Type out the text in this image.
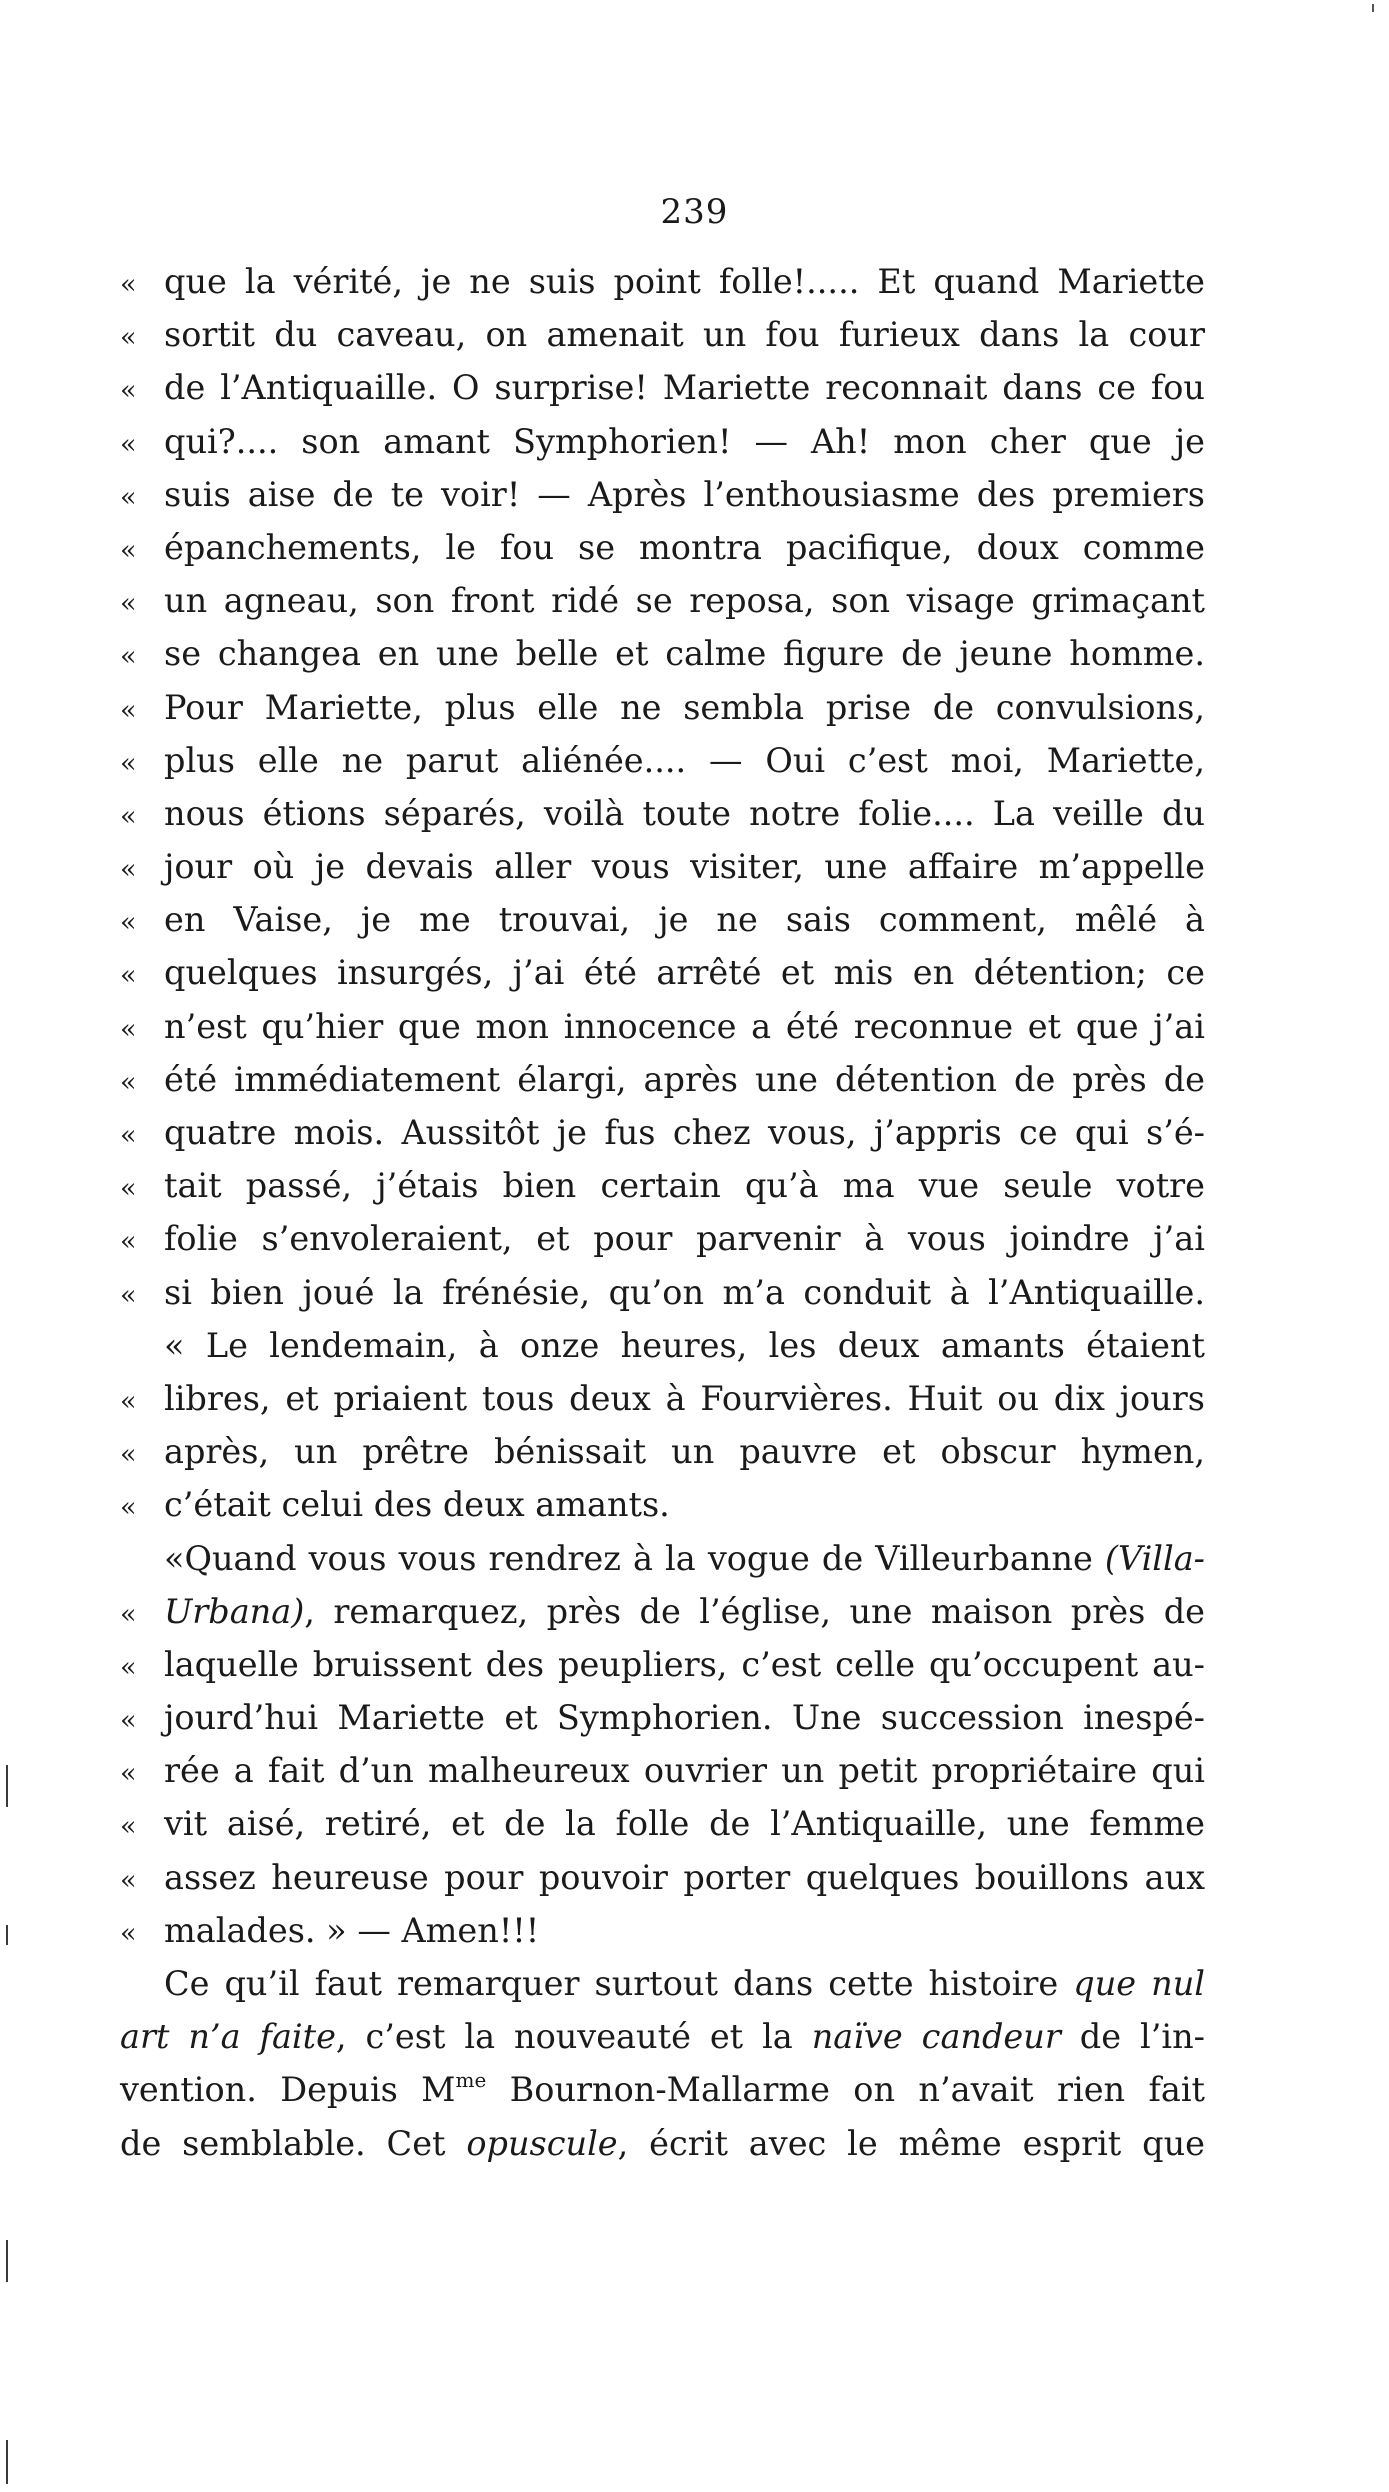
239
« que la vérité, je ne suis point folle!..... Et quand Mariette
« sortit du caveau, on amenait un fou furieux dans la cour
« de l’Antiquaille. O surprise! Mariette reconnait dans ce fou
« qui?.... son amant Symphorien! — Ah! mon cher que je
« suis aise de te voir! — Après l’enthousiasme des premiers
« épanchements, le fou se montra pacifique, doux comme
« un agneau, son front ridé se reposa, son visage grimaçant
« se changea en une belle et calme figure de jeune homme.
« Pour Mariette, plus elle ne sembla prise de convulsions,
« plus elle ne parut aliénée.... — Oui c’est moi, Mariette,
« nous étions séparés, voilà toute notre folie.... La veille du
« jour où je devais aller vous visiter, une affaire m’appelle
« en Vaise, je me trouvai, je ne sais comment, mêlé à
« quelques insurgés, j’ai été arrêté et mis en détention; ce
« n’est qu’hier que mon innocence a été reconnue et que j’ai
« été immédiatement élargi, après une détention de près de
« quatre mois. Aussitôt je fus chez vous, j’appris ce qui s’é-
« tait passé, j’étais bien certain qu’à ma vue seule votre
« folie s’envoleraient, et pour parvenir à vous joindre j’ai
« si bien joué la frénésie, qu’on m’a conduit à l’Antiquaille.
« Le lendemain, à onze heures, les deux amants étaient
« libres, et priaient tous deux à Fourvières. Huit ou dix jours
« après, un prêtre bénissait un pauvre et obscur hymen,
« c’était celui des deux amants.
«Quand vous vous rendrez à la vogue de Villeurbanne (Villa-
« Urbana), remarquez, près de l’église, une maison près de
« laquelle bruissent des peupliers, c’est celle qu’occupent au-
« jourd’hui Mariette et Symphorien. Une succession inespé-
« rée a fait d’un malheureux ouvrier un petit propriétaire qui
« vit aisé, retiré, et de la folle de l’Antiquaille, une femme
« assez heureuse pour pouvoir porter quelques bouillons aux
« malades. » — Amen!!!
Ce qu’il faut remarquer surtout dans cette histoire que nul
art n’a faite, c’est la nouveauté et la naïve candeur de l’in-
vention. Depuis $M^{me}$ Bournon-Mallarme on n’avait rien fait
de semblable. Cet opuscule, écrit avec le même esprit que
